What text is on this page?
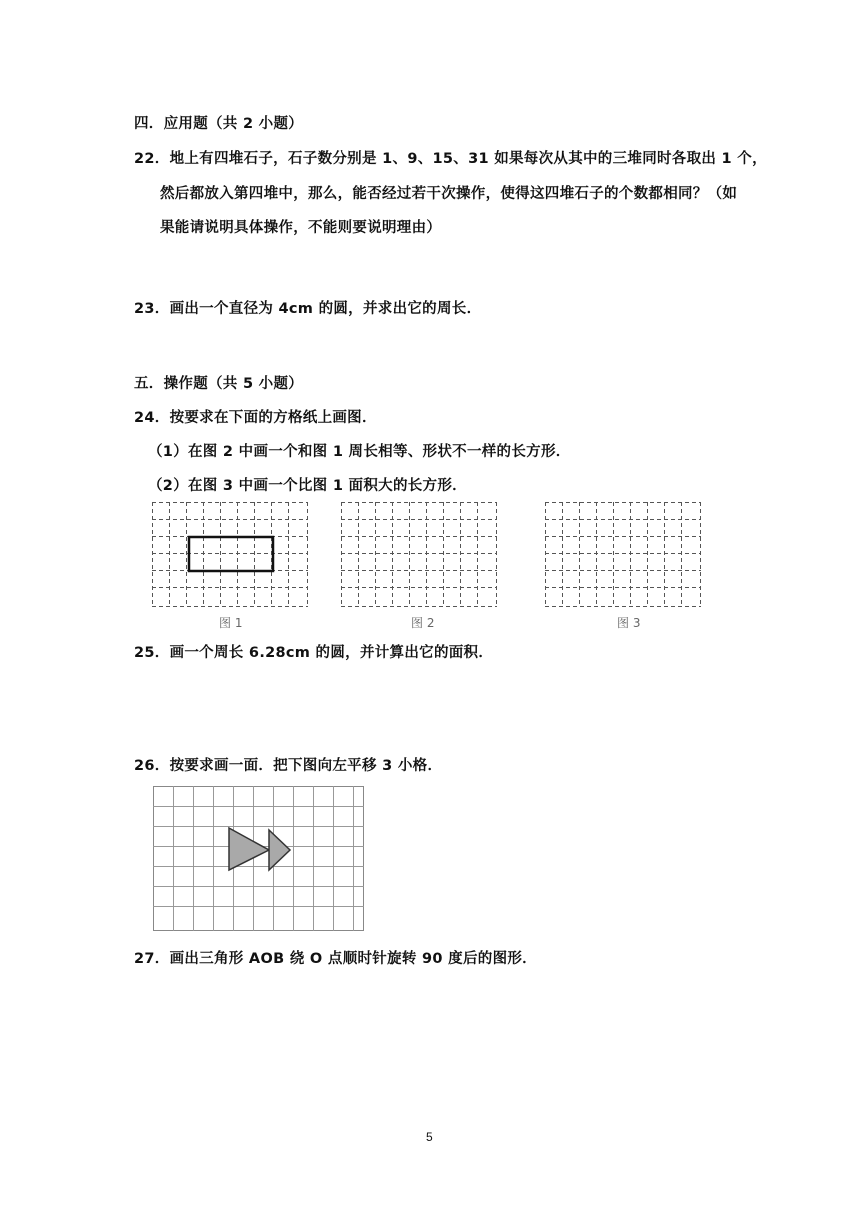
四．应用题（共 2 小题）
22．地上有四堆石子，石子数分别是 1、9、15、31 如果每次从其中的三堆同时各取出 1 个，
然后都放入第四堆中，那么，能否经过若干次操作，使得这四堆石子的个数都相同？（如
果能请说明具体操作，不能则要说明理由）
23．画出一个直径为 4cm 的圆，并求出它的周长．
五．操作题（共 5 小题）
24．按要求在下面的方格纸上画图．
（1）在图 2 中画一个和图 1 周长相等、形状不一样的长方形．
（2）在图 3 中画一个比图 1 面积大的长方形．
图 1	图 2	图 3
25．画一个周长 6.28cm 的圆，并计算出它的面积．
26．按要求画一面．把下图向左平移 3 小格．
27．画出三角形 AOB 绕 O 点顺时针旋转 90 度后的图形．
5
